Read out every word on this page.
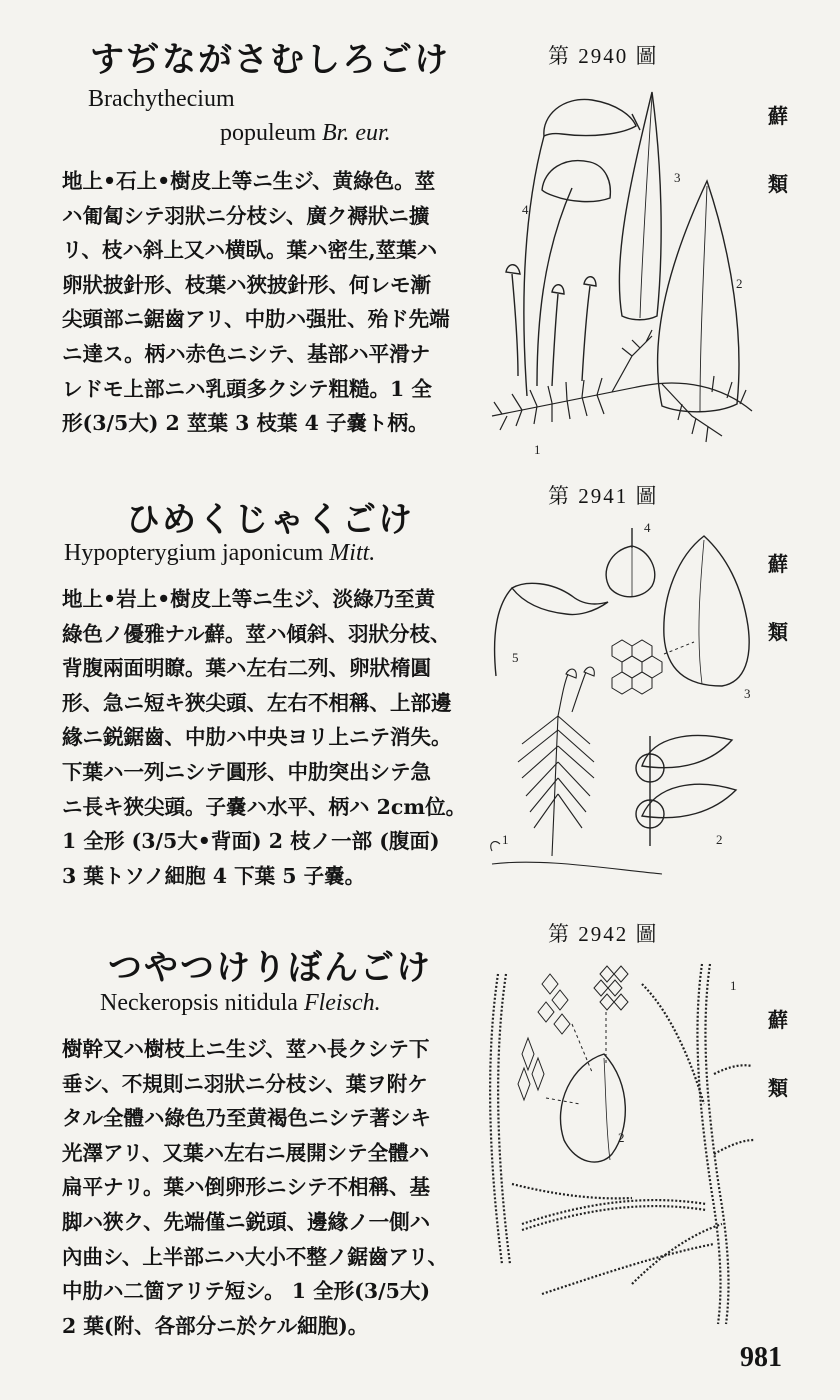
すぢながさむしろごけ
Brachythecium
populeum Br. eur.
地上•石上•樹皮上等ニ生ジ、黄綠色。莖
ハ匍匐シテ羽狀ニ分枝シ、廣ク褥狀ニ擴
リ、枝ハ斜上又ハ横臥。葉ハ密生,莖葉ハ
卵狀披針形、枝葉ハ狹披針形、何レモ漸
尖頭部ニ鋸齒アリ、中肋ハ强壯、殆ド先端
ニ達ス。柄ハ赤色ニシテ、基部ハ平滑ナ
レドモ上部ニハ乳頭多クシテ粗糙。1 全
形(3/5大) 2 莖葉 3 枝葉 4 子嚢ト柄。
第 2940 圖
蘚
類
1
2
3
4
ひめくじゃくごけ
Hypopterygium japonicum Mitt.
地上•岩上•樹皮上等ニ生ジ、淡綠乃至黄
綠色ノ優雅ナル蘚。莖ハ傾斜、羽狀分枝、
背腹兩面明瞭。葉ハ左右二列、卵狀楕圓
形、急ニ短キ狹尖頭、左右不相稱、上部邊
緣ニ鋭鋸齒、中肋ハ中央ヨリ上ニテ消失。
下葉ハ一列ニシテ圓形、中肋突出シテ急
ニ長キ狹尖頭。子嚢ハ水平、柄ハ 2cm位。
1 全形 (3/5大•背面) 2 枝ノ一部 (腹面)
3 葉トソノ細胞 4 下葉 5 子嚢。
第 2941 圖
蘚
類
1	2
3
4
5
つやつけりぼんごけ
Neckeropsis nitidula Fleisch.
樹幹又ハ樹枝上ニ生ジ、莖ハ長クシテ下
垂シ、不規則ニ羽狀ニ分枝シ、葉ヲ附ケ
タル全體ハ綠色乃至黄褐色ニシテ著シキ
光澤アリ、又葉ハ左右ニ展開シテ全體ハ
扁平ナリ。葉ハ倒卵形ニシテ不相稱、基
脚ハ狹ク、先端僅ニ鋭頭、邊緣ノ一側ハ
內曲シ、上半部ニハ大小不整ノ鋸齒アリ、
中肋ハ二箇アリテ短シ。 1 全形(3/5大)
2 葉(附、各部分ニ於ケル細胞)。
第 2942 圖
蘚
類
1
2
981
